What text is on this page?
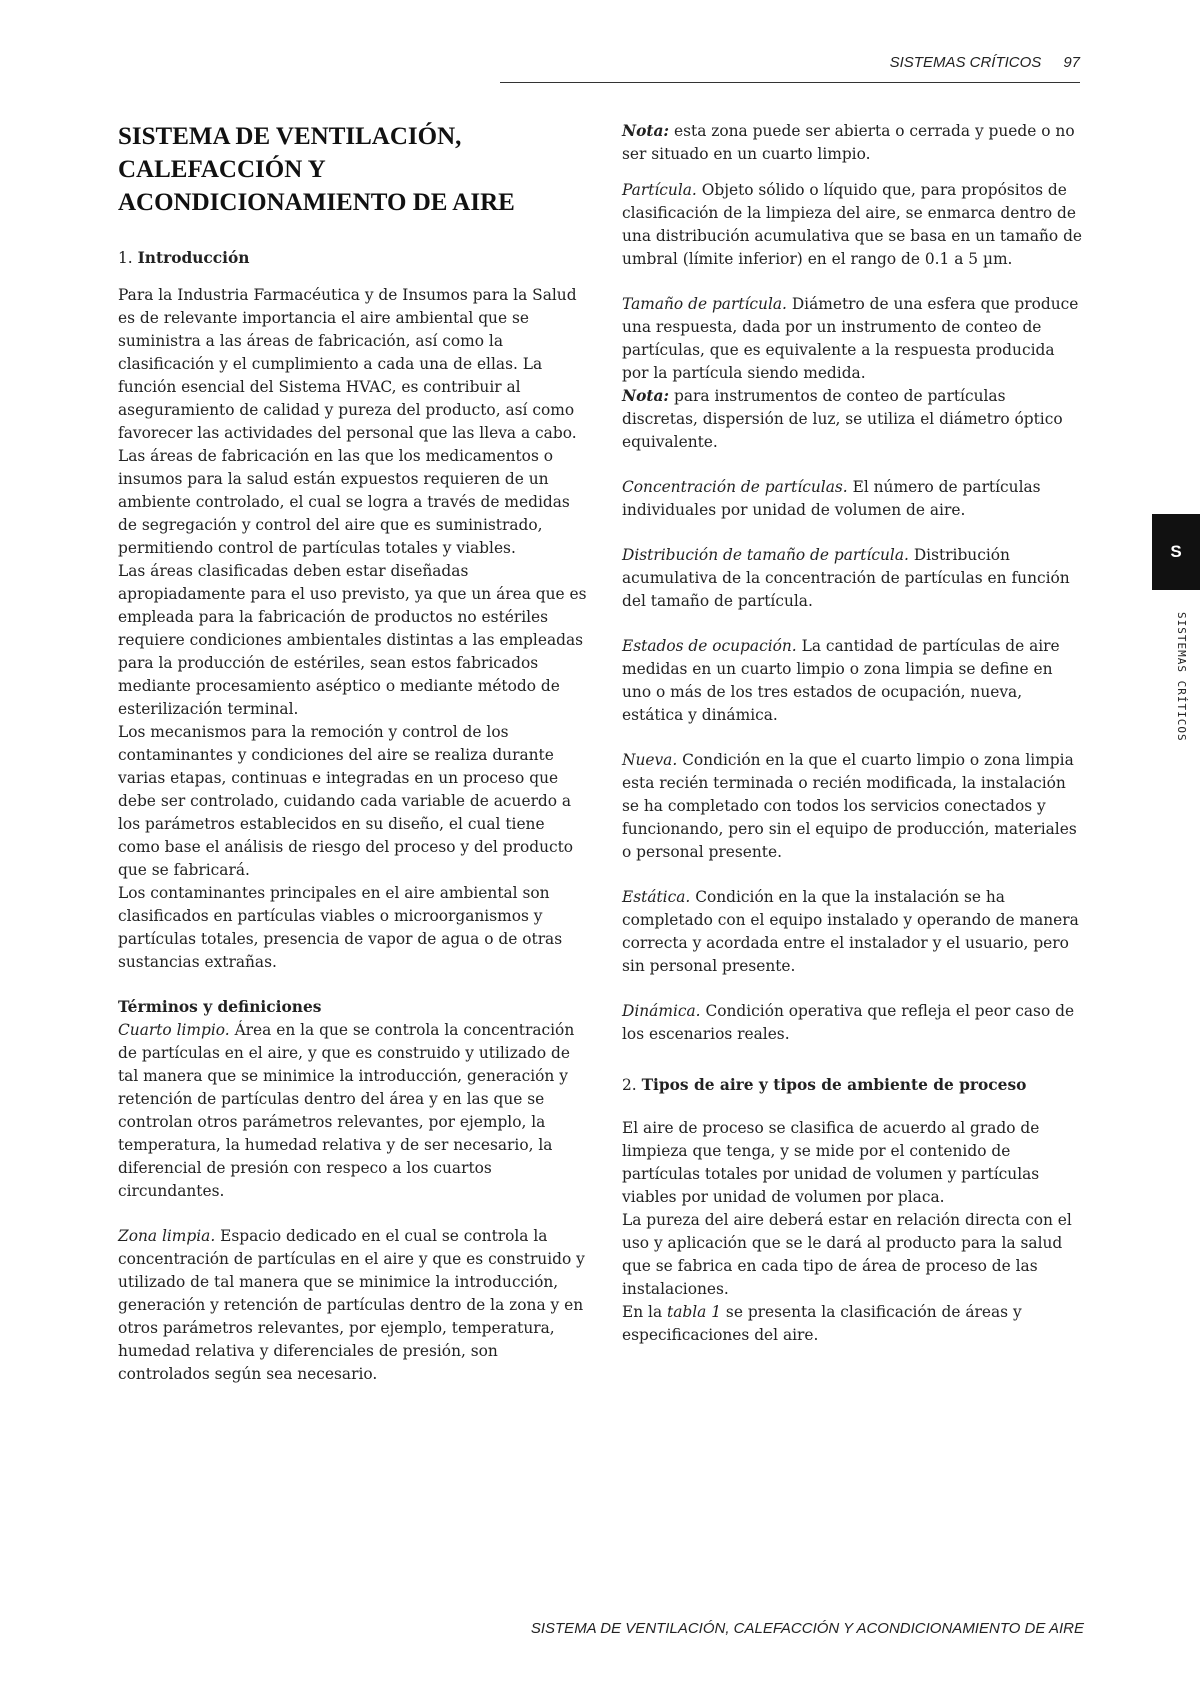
SISTEMAS CRÍTICOS 97
SISTEMA DE VENTILACIÓN,
CALEFACCIÓN Y
ACONDICIONAMIENTO DE AIRE

1. Introducción

Para la Industria Farmacéutica y de Insumos para la Salud es de relevante importancia el aire ambiental que se suministra a las áreas de fabricación, así como la clasificación y el cumplimiento a cada una de ellas. La función esencial del Sistema HVAC, es contribuir al aseguramiento de calidad y pureza del producto, así como favorecer las actividades del personal que las lleva a cabo.

Las áreas de fabricación en las que los medicamentos o insumos para la salud están expuestos requieren de un ambiente controlado, el cual se logra a través de medidas de segregación y control del aire que es suministrado, permitiendo control de partículas totales y viables.

Las áreas clasificadas deben estar diseñadas apropiadamente para el uso previsto, ya que un área que es empleada para la fabricación de productos no estériles requiere condiciones ambientales distintas a las empleadas para la producción de estériles, sean estos fabricados mediante procesamiento aséptico o mediante método de esterilización terminal.

Los mecanismos para la remoción y control de los contaminantes y condiciones del aire se realiza durante varias etapas, continuas e integradas en un proceso que debe ser controlado, cuidando cada variable de acuerdo a los parámetros establecidos en su diseño, el cual tiene como base el análisis de riesgo del proceso y del producto que se fabricará.

Los contaminantes principales en el aire ambiental son clasificados en partículas viables o microorganismos y partículas totales, presencia de vapor de agua o de otras sustancias extrañas.

Términos y definiciones

Cuarto limpio. Área en la que se controla la concentración de partículas en el aire, y que es construido y utilizado de tal manera que se minimice la introducción, generación y retención de partículas dentro del área y en las que se controlan otros parámetros relevantes, por ejemplo, la temperatura, la humedad relativa y de ser necesario, la diferencial de presión con respeco a los cuartos circundantes.

Zona limpia. Espacio dedicado en el cual se controla la concentración de partículas en el aire y que es construido y utilizado de tal manera que se minimice la introducción, generación y retención de partículas dentro de la zona y en otros parámetros relevantes, por ejemplo, temperatura, humedad relativa y diferenciales de presión, son controlados según sea necesario.

Nota: esta zona puede ser abierta o cerrada y puede o no ser situado en un cuarto limpio.

Partícula. Objeto sólido o líquido que, para propósitos de clasificación de la limpieza del aire, se enmarca dentro de una distribución acumulativa que se basa en un tamaño de umbral (límite inferior) en el rango de 0.1 a 5 µm.

Tamaño de partícula. Diámetro de una esfera que produce una respuesta, dada por un instrumento de conteo de partículas, que es equivalente a la respuesta producida por la partícula siendo medida.

Nota: para instrumentos de conteo de partículas discretas, dispersión de luz, se utiliza el diámetro óptico equivalente.

Concentración de partículas. El número de partículas individuales por unidad de volumen de aire.

Distribución de tamaño de partícula. Distribución acumulativa de la concentración de partículas en función del tamaño de partícula.

Estados de ocupación. La cantidad de partículas de aire medidas en un cuarto limpio o zona limpia se define en uno o más de los tres estados de ocupación, nueva, estática y dinámica.

Nueva. Condición en la que el cuarto limpio o zona limpia esta recién terminada o recién modificada, la instalación se ha completado con todos los servicios conectados y funcionando, pero sin el equipo de producción, materiales o personal presente.

Estática. Condición en la que la instalación se ha completado con el equipo instalado y operando de manera correcta y acordada entre el instalador y el usuario, pero sin personal presente.

Dinámica. Condición operativa que refleja el peor caso de los escenarios reales.

2. Tipos de aire y tipos de ambiente de proceso

El aire de proceso se clasifica de acuerdo al grado de limpieza que tenga, y se mide por el contenido de partículas totales por unidad de volumen y partículas viables por unidad de volumen por placa.

La pureza del aire deberá estar en relación directa con el uso y aplicación que se le dará al producto para la salud que se fabrica en cada tipo de área de proceso de las instalaciones.

En la tabla 1 se presenta la clasificación de áreas y especificaciones del aire.

S
SISTEMAS CRÍTICOS
SISTEMA DE VENTILACIÓN, CALEFACCIÓN Y ACONDICIONAMIENTO DE AIRE
